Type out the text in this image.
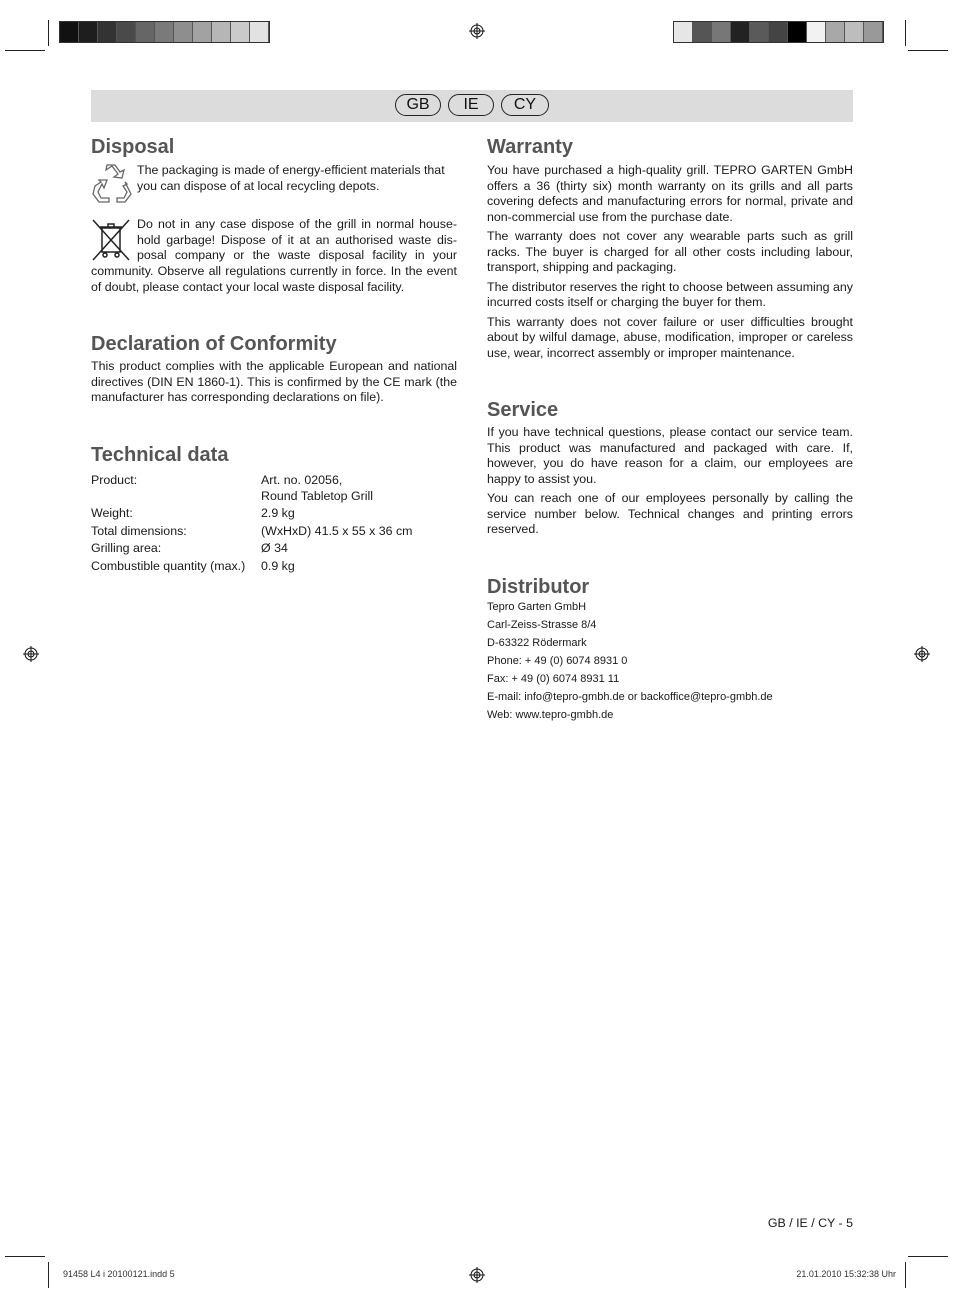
GB	IE	CY
Disposal
The packaging is made of energy-efficient materials that you can dispose of at local recycling depots.
Do not in any case dispose of the grill in normal house-
hold garbage! Dispose of it at an authorised waste dis-
posal company or the waste disposal facility in your
community. Observe all regulations currently in force. In the event of doubt, please contact your local waste disposal facility.
Declaration of Conformity
This product complies with the applicable European and national directives (DIN EN 1860-1). This is confirmed by the CE mark (the manufacturer has corresponding declarations on file).
Technical data
Product:	Art. no. 02056,
Round Tabletop Grill
Weight:	2.9 kg
Total dimensions:	(WxHxD) 41.5 x 55 x 36 cm
Grilling area:	Ø 34
Combustible quantity (max.)	0.9 kg
Warranty

You have purchased a high-quality grill. TEPRO GARTEN GmbH offers a 36 (thirty six) month warranty on its grills and all parts covering defects and manufacturing errors for normal, private and non-commercial use from the purchase date.

The warranty does not cover any wearable parts such as grill racks. The buyer is charged for all other costs including labour, transport, shipping and packaging.

The distributor reserves the right to choose between assuming any incurred costs itself or charging the buyer for them.

This warranty does not cover failure or user difficulties brought about by wilful damage, abuse, modification, improper or careless use, wear, incorrect assembly or improper maintenance.

Service

If you have technical questions, please contact our service team. This product was manufactured and packaged with care. If, however, you do have reason for a claim, our employees are happy to assist you.

You can reach one of our employees personally by calling the service number below. Technical changes and printing errors reserved.

Distributor
Tepro Garten GmbH
Carl-Zeiss-Strasse 8/4
D-63322 Rödermark
Phone: + 49 (0) 6074 8931 0
Fax: + 49 (0) 6074 8931 11
E-mail: info@tepro-gmbh.de or backoffice@tepro-gmbh.de
Web: www.tepro-gmbh.de
GB / IE / CY - 5
91458 L4 i 20100121.indd 5	21.01.2010 15:32:38 Uhr
